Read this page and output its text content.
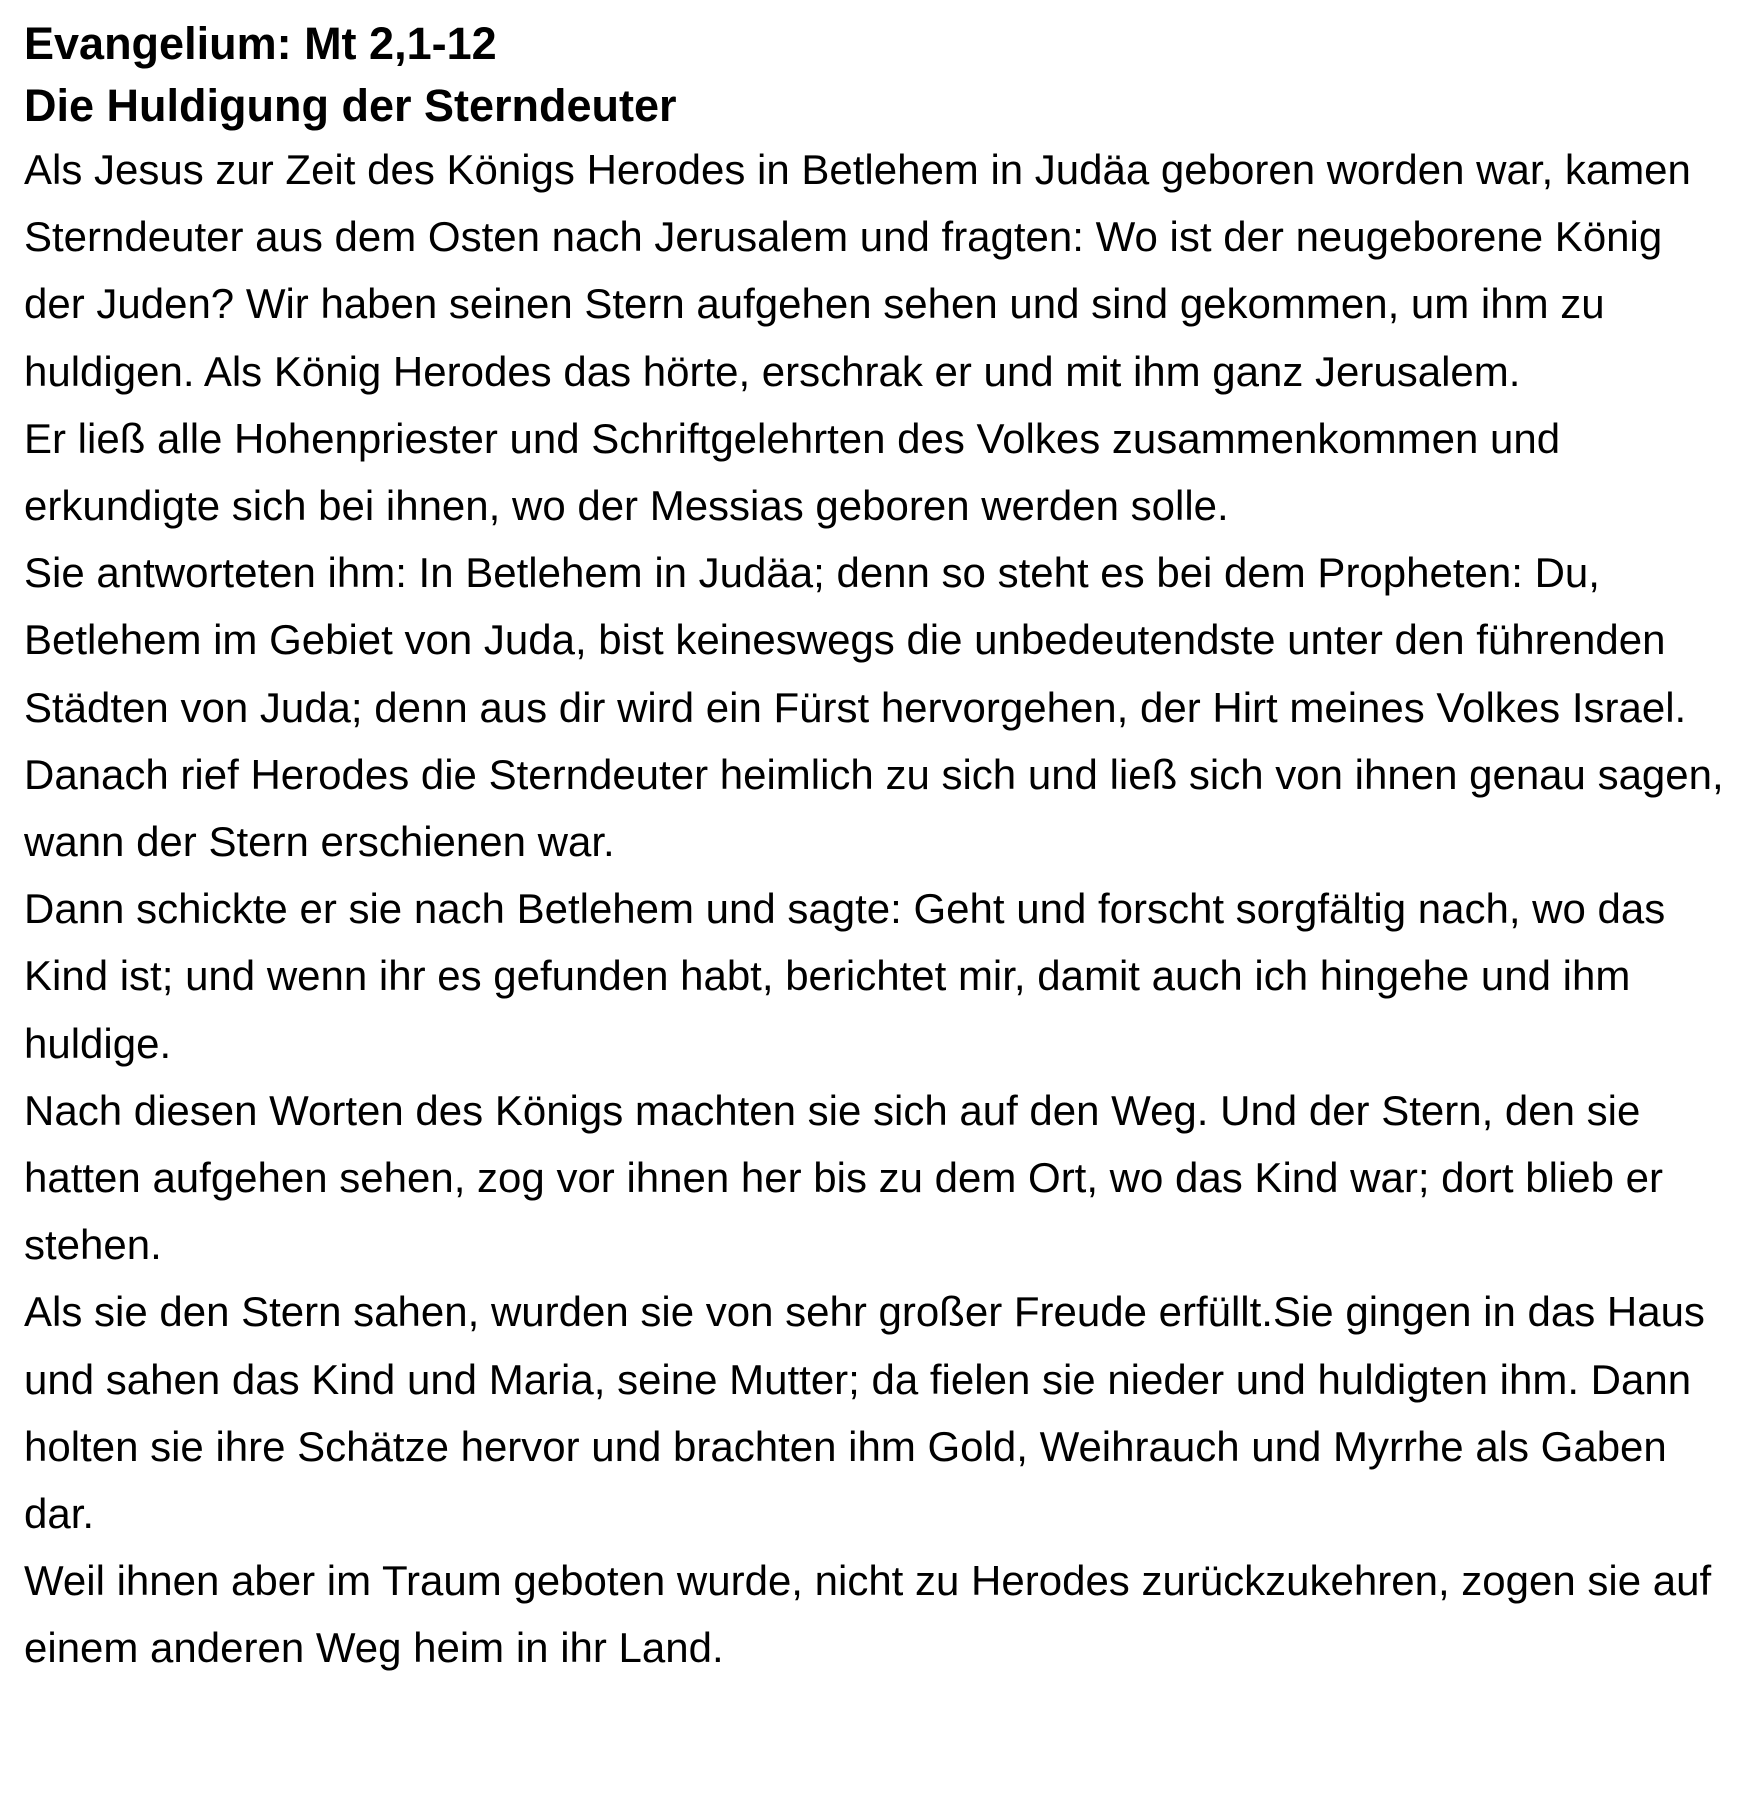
Evangelium: Mt 2,1-12
Die Huldigung der Sterndeuter

Als Jesus zur Zeit des Königs Herodes in Betlehem in Judäa geboren worden war, kamen Sterndeuter aus dem Osten nach Jerusalem und fragten: Wo ist der neugeborene König der Juden? Wir haben seinen Stern aufgehen sehen und sind gekommen, um ihm zu huldigen. Als König Herodes das hörte, erschrak er und mit ihm ganz Jerusalem.

Er ließ alle Hohenpriester und Schriftgelehrten des Volkes zusammenkommen und erkundigte sich bei ihnen, wo der Messias geboren werden solle.

Sie antworteten ihm: In Betlehem in Judäa; denn so steht es bei dem Propheten: Du, Betlehem im Gebiet von Juda, bist keineswegs die unbedeutendste unter den führenden Städten von Juda; denn aus dir wird ein Fürst hervorgehen, der Hirt meines Volkes Israel.

Danach rief Herodes die Sterndeuter heimlich zu sich und ließ sich von ihnen genau sagen, wann der Stern erschienen war.

Dann schickte er sie nach Betlehem und sagte: Geht und forscht sorgfältig nach, wo das Kind ist; und wenn ihr es gefunden habt, berichtet mir, damit auch ich hingehe und ihm huldige.

Nach diesen Worten des Königs machten sie sich auf den Weg. Und der Stern, den sie hatten aufgehen sehen, zog vor ihnen her bis zu dem Ort, wo das Kind war; dort blieb er stehen.

Als sie den Stern sahen, wurden sie von sehr großer Freude erfüllt.Sie gingen in das Haus und sahen das Kind und Maria, seine Mutter; da fielen sie nieder und huldigten ihm. Dann holten sie ihre Schätze hervor und brachten ihm Gold, Weihrauch und Myrrhe als Gaben dar.

Weil ihnen aber im Traum geboten wurde, nicht zu Herodes zurückzukehren, zogen sie auf einem anderen Weg heim in ihr Land.
